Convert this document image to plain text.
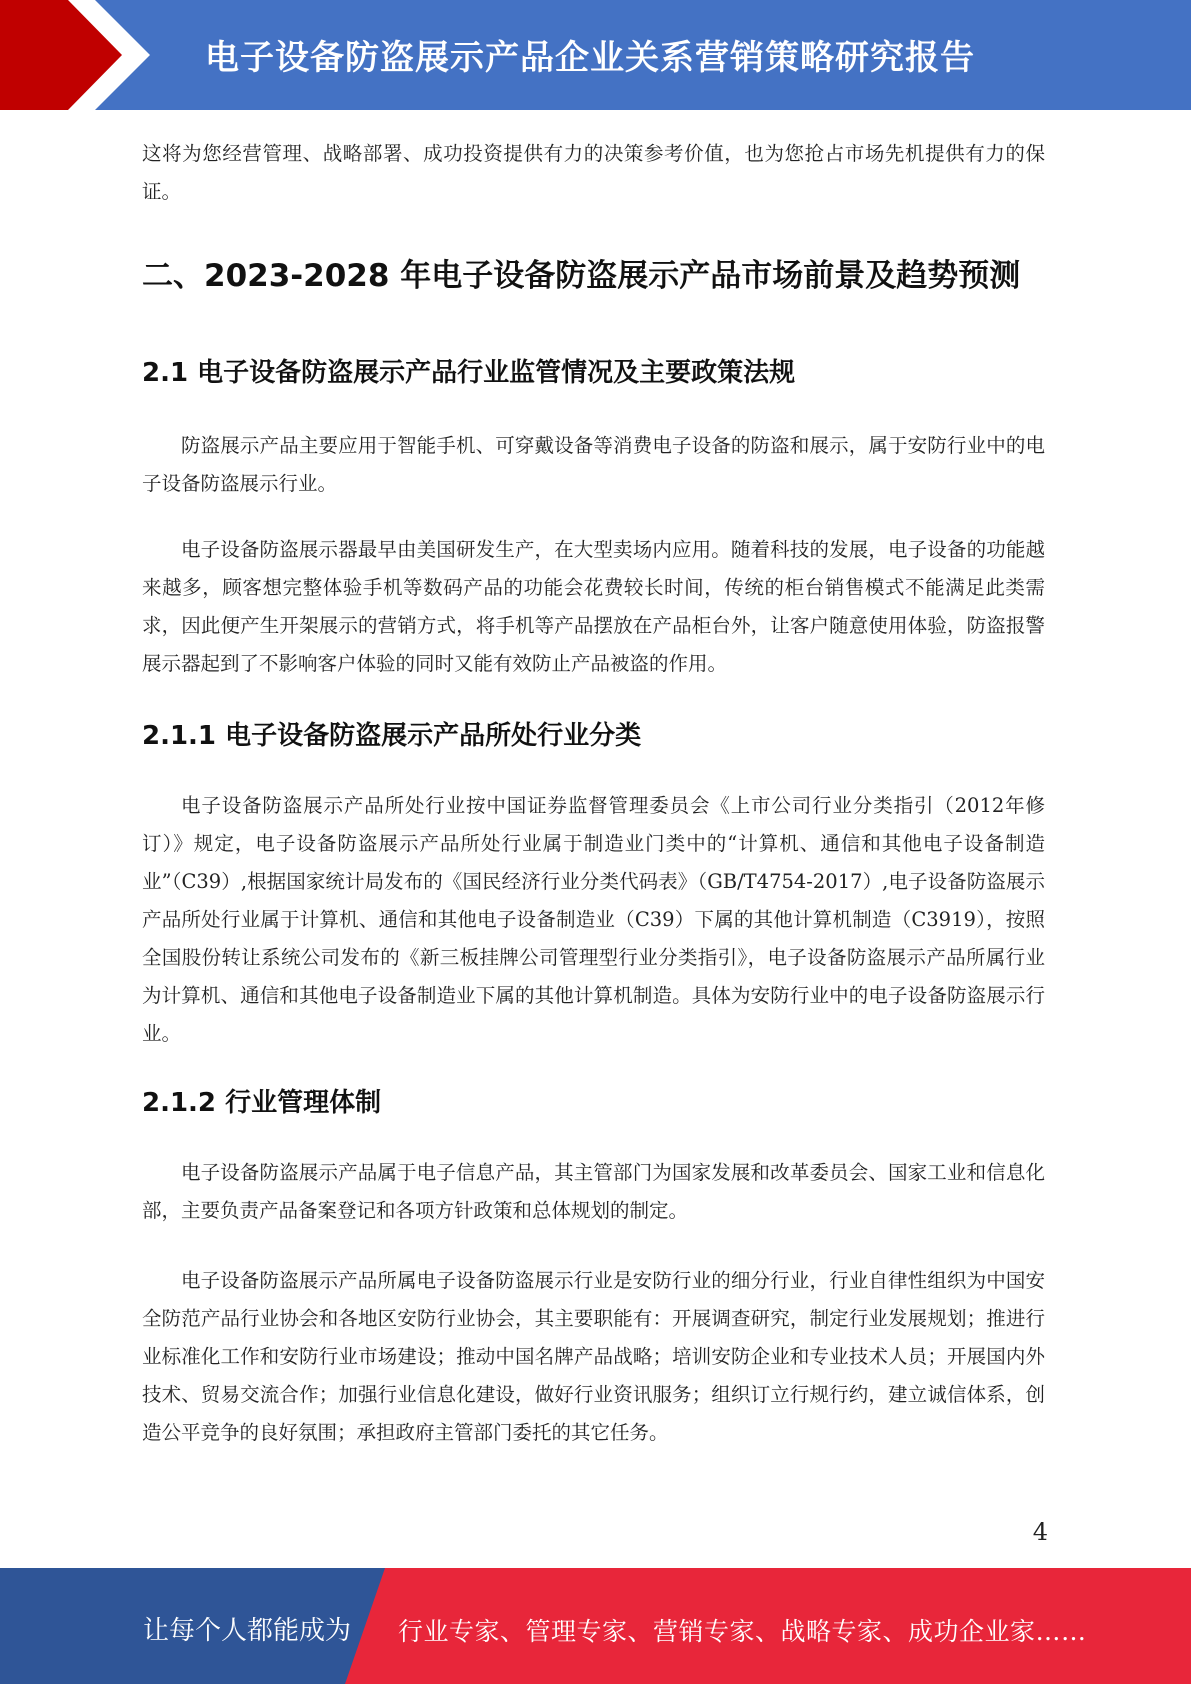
电子设备防盗展示产品企业关系营销策略研究报告

这将为您经营管理、战略部署、成功投资提供有力的决策参考价值，也为您抢占市场先机提供有力的保证。

二、2023-2028 年电子设备防盗展示产品市场前景及趋势预测
2.1 电子设备防盗展示产品行业监管情况及主要政策法规

防盗展示产品主要应用于智能手机、可穿戴设备等消费电子设备的防盗和展示，属于安防行业中的电子设备防盗展示行业。

电子设备防盗展示器最早由美国研发生产，在大型卖场内应用。随着科技的发展，电子设备的功能越来越多，顾客想完整体验手机等数码产品的功能会花费较长时间，传统的柜台销售模式不能满足此类需求，因此便产生开架展示的营销方式，将手机等产品摆放在产品柜台外，让客户随意使用体验，防盗报警展示器起到了不影响客户体验的同时又能有效防止产品被盗的作用。

2.1.1 电子设备防盗展示产品所处行业分类

电子设备防盗展示产品所处行业按中国证券监督管理委员会《上市公司行业分类指引（2012年修订）》规定，电子设备防盗展示产品所处行业属于制造业门类中的“计算机、通信和其他电子设备制造业”（C39）,根据国家统计局发布的《国民经济行业分类代码表》（GB/T4754-2017）,电子设备防盗展示产品所处行业属于计算机、通信和其他电子设备制造业（C39）下属的其他计算机制造（C3919），按照全国股份转让系统公司发布的《新三板挂牌公司管理型行业分类指引》，电子设备防盗展示产品所属行业为计算机、通信和其他电子设备制造业下属的其他计算机制造。具体为安防行业中的电子设备防盗展示行业。

2.1.2 行业管理体制

电子设备防盗展示产品属于电子信息产品，其主管部门为国家发展和改革委员会、国家工业和信息化部，主要负责产品备案登记和各项方针政策和总体规划的制定。

电子设备防盗展示产品所属电子设备防盗展示行业是安防行业的细分行业，行业自律性组织为中国安全防范产品行业协会和各地区安防行业协会，其主要职能有：开展调查研究，制定行业发展规划；推进行业标准化工作和安防行业市场建设；推动中国名牌产品战略；培训安防企业和专业技术人员；开展国内外技术、贸易交流合作；加强行业信息化建设，做好行业资讯服务；组织订立行规行约，建立诚信体系，创造公平竞争的良好氛围；承担政府主管部门委托的其它任务。

4
让每个人都能成为 行业专家、管理专家、营销专家、战略专家、成功企业家……
